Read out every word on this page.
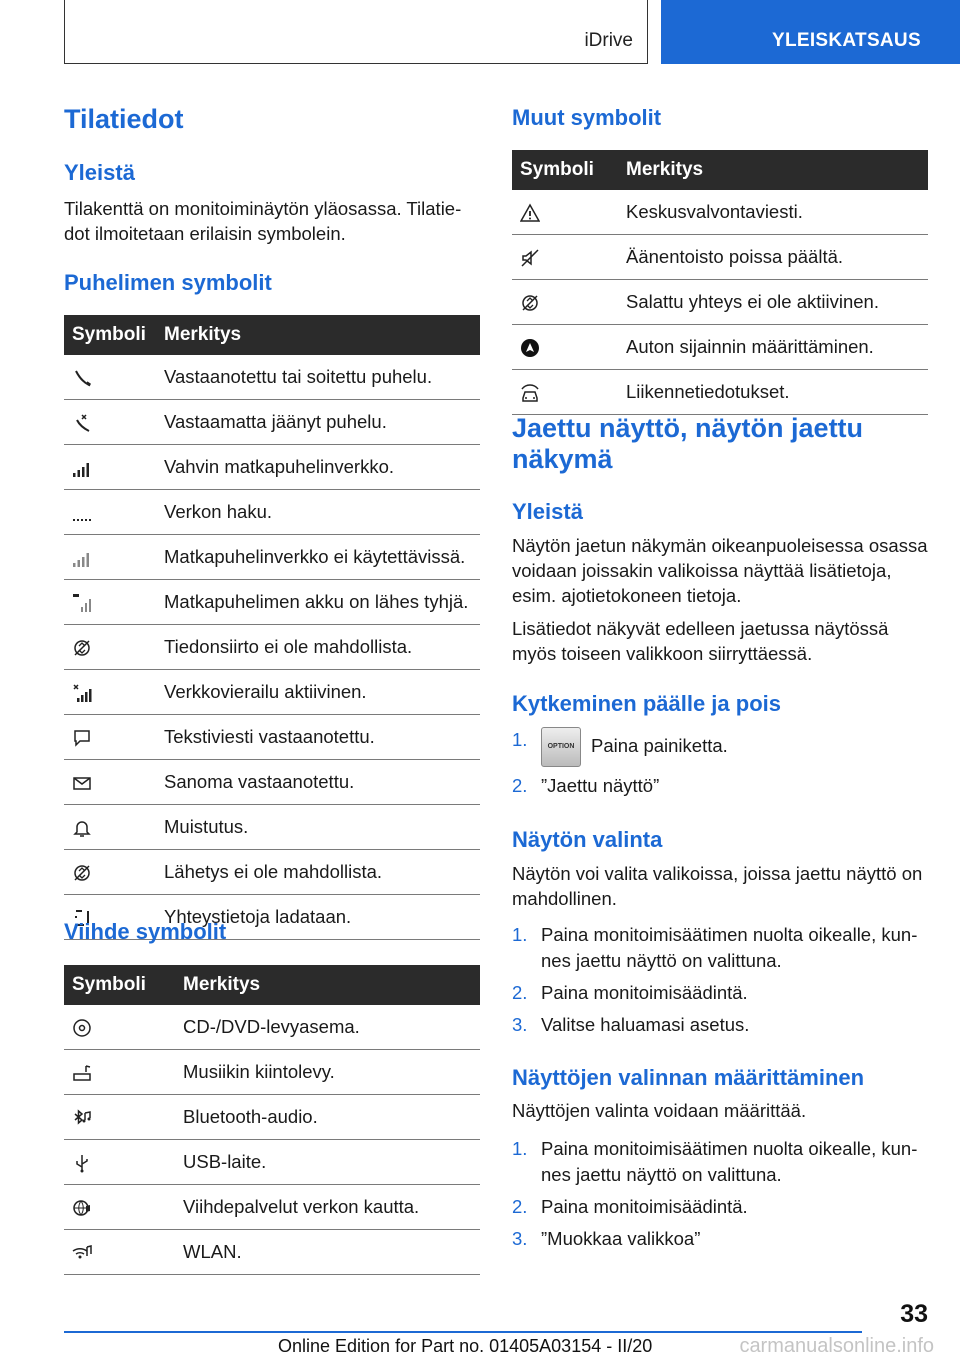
iDrive	YLEISKATSAUS
Tilatiedot
Yleistä

Tilakenttä on monitoiminäytön yläosassa. Tilatiedot ilmoitetaan erilaisin symbolein.

Puhelimen symbolit
Symboli	Merkitys

	Vastaanotettu tai soitettu puhelu.

	Vastaamatta jäänyt puhelu.

	Vahvin matkapuhelinverkko.

	Verkon haku.

	Matkapuhelinverkko ei käytettävissä.

	Matkapuhelimen akku on lähes tyhjä.

	Tiedonsiirto ei ole mahdollista.

	Verkkovierailu aktiivinen.

	Tekstiviesti vastaanotettu.

	Sanoma vastaanotettu.

	Muistutus.

	Lähetys ei ole mahdollista.

	Yhteystietoja ladataan.
Viihde symbolit
Symboli	Merkitys

	CD-/DVD-levyasema.

	Musiikin kiintolevy.

	Bluetooth-audio.

	USB-laite.

	Viihdepalvelut verkon kautta.

	WLAN.
Muut symbolit
Symboli	Merkitys

	Keskusvalvontaviesti.

	Äänentoisto poissa päältä.

	Salattu yhteys ei ole aktiivinen.

	Auton sijainnin määrittäminen.

	Liikennetiedotukset.
Jaettu näyttö, näytön jaettu näkymä
Yleistä

Näytön jaetun näkymän oikeanpuoleisessa osassa voidaan joissakin valikoissa näyttää lisätietoja, esim. ajotietokoneen tietoja.

Lisätiedot näkyvät edelleen jaetussa näytössä myös toiseen valikkoon siirryttäessä.

Kytkeminen päälle ja pois
1.	OPTION Paina painiketta.
2. ”Jaettu näyttö”
Näytön valinta

Näytön voi valita valikoissa, joissa jaettu näyttö on mahdollinen.

1. Paina monitoimisäätimen nuolta oikealle, kunnes jaettu näyttö on valittuna.
2. Paina monitoimisäädintä.
3. Valitse haluamasi asetus.
Näyttöjen valinnan määrittäminen

Näyttöjen valinta voidaan määrittää.

1. Paina monitoimisäätimen nuolta oikealle, kunnes jaettu näyttö on valittuna.
2. Paina monitoimisäädintä.
3. ”Muokkaa valikkoa”
33
Online Edition for Part no. 01405A03154 - II/20	carmanualsonline.info
